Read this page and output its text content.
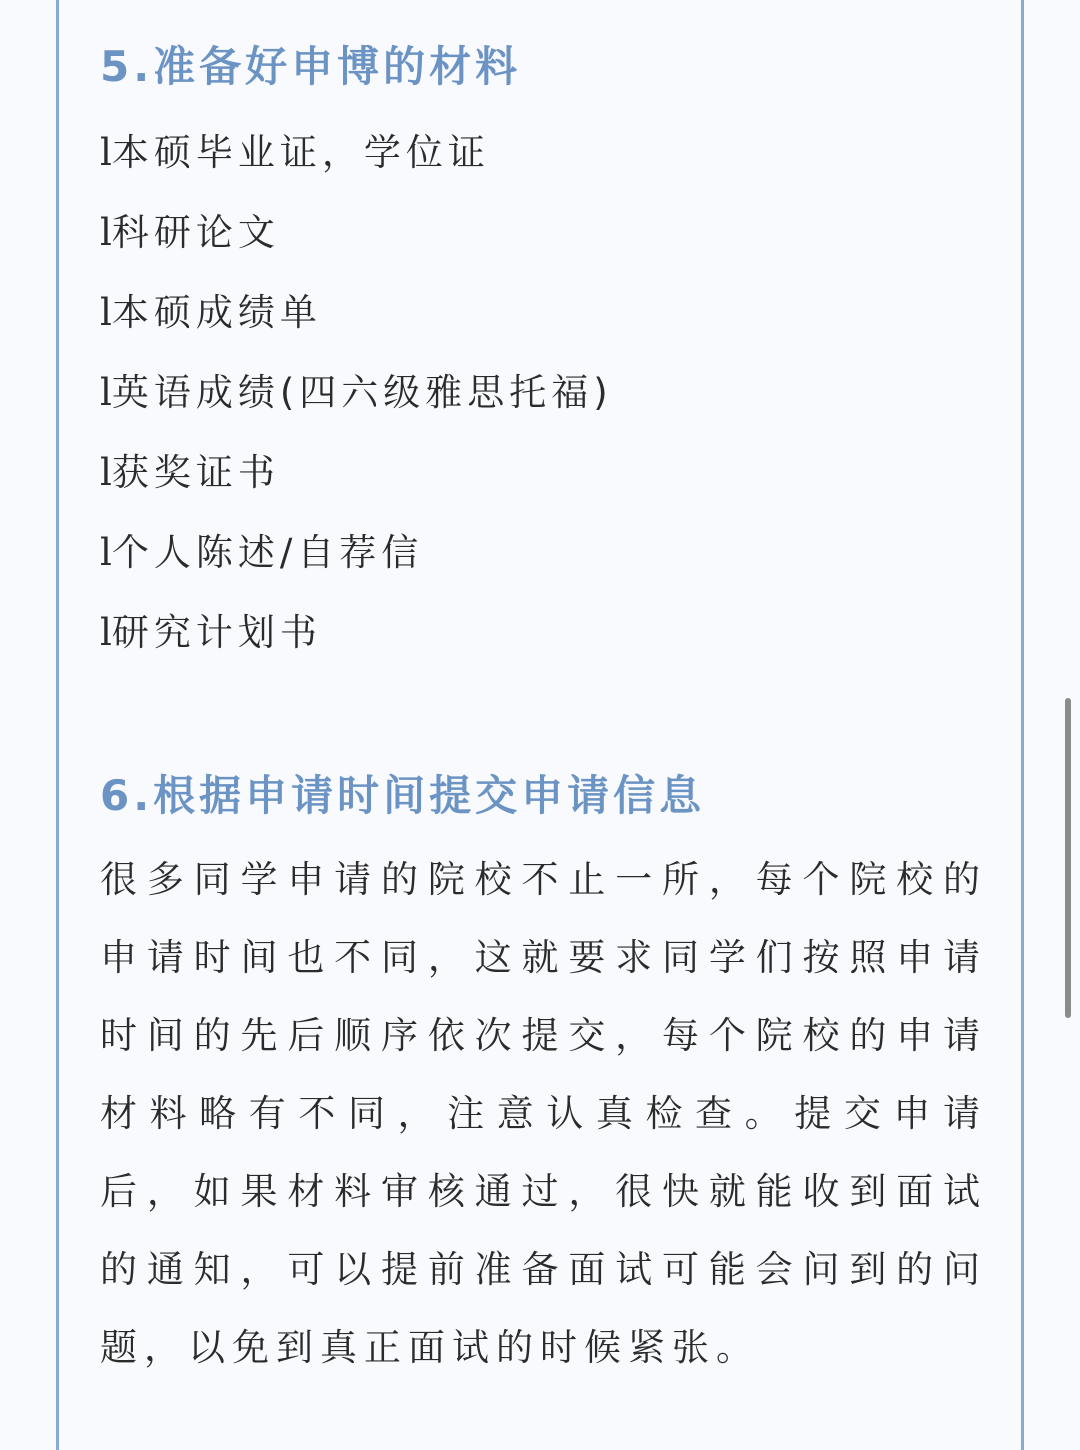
5.准备好申博的材料
l本硕毕业证，学位证
l科研论文
l本硕成绩单
l英语成绩(四六级雅思托福)
l获奖证书
l个人陈述/自荐信
l研究计划书
6.根据申请时间提交申请信息

很多同学申请的院校不止一所，每个院校的
申请时间也不同，这就要求同学们按照申请
时间的先后顺序依次提交，每个院校的申请
材料略有不同，注意认真检查。提交申请
后，如果材料审核通过，很快就能收到面试
的通知，可以提前准备面试可能会问到的问
题，以免到真正面试的时候紧张。
